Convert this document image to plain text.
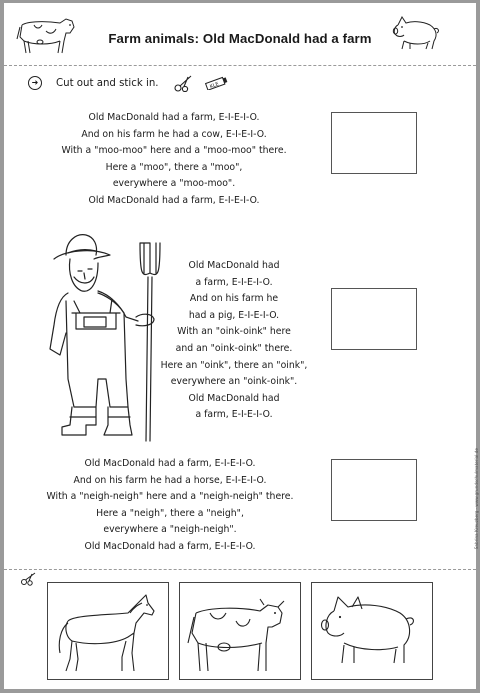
Farm animals: Old MacDonald had a farm
➜	Cut out and stick in.	KLE

Old MacDonald had a farm, E-I-E-I-O.

And on his farm he had a cow, E-I-E-I-O.

With a "moo-moo" here and a "moo-moo" there.

Here a "moo", there a "moo",

everywhere a "moo-moo".

Old MacDonald had a farm, E-I-E-I-O.

Old MacDonald had

a farm, E-I-E-I-O.

And on his farm he

had a pig, E-I-E-I-O.

With an "oink-oink" here

and an "oink-oink" there.

Here an "oink", there an "oink",

everywhere an "oink-oink".

Old MacDonald had

a farm, E-I-E-I-O.

Old MacDonald had a farm, E-I-E-I-O.

And on his farm he had a horse, E-I-E-I-O.

With a "neigh-neigh" here and a "neigh-neigh" there.

Here a "neigh", there a "neigh",

everywhere a "neigh-neigh".

Old MacDonald had a farm, E-I-E-I-O.	Sabrina Kreuzberg · www.grundschulmaterial.de
